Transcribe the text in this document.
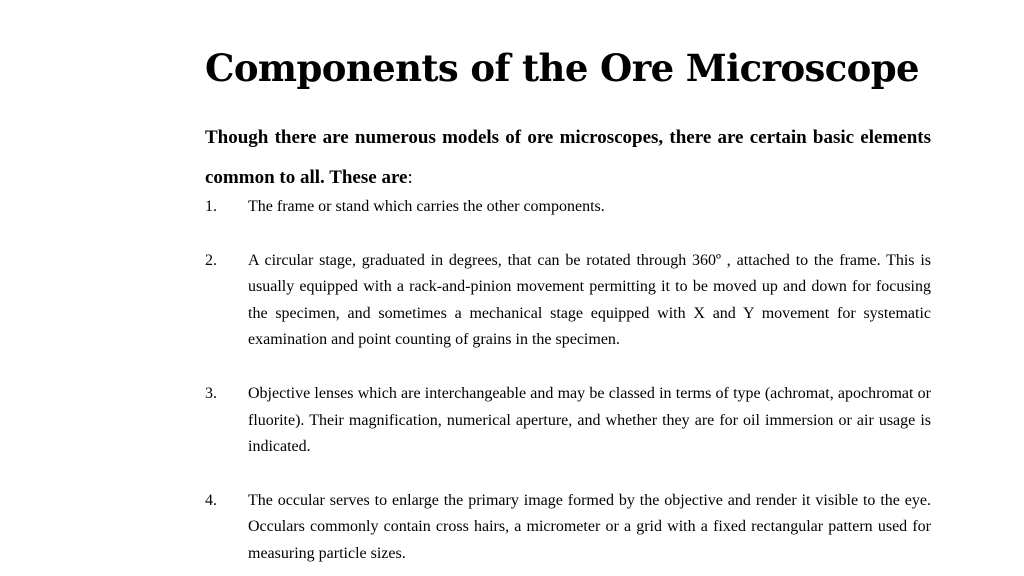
Components of the Ore Microscope

Though there are numerous models of ore microscopes, there are certain basic elements common to all. These are:

1.	The frame or stand which carries the other components.
2.	A circular stage, graduated in degrees, that can be rotated through 360º , attached to the frame. This is usually equipped with a rack-and-pinion movement permitting it to be moved up and down for focusing the specimen, and sometimes a mechanical stage equipped with X and Y movement for systematic examination and point counting of grains in the specimen.
3.	Objective lenses which are interchangeable and may be classed in terms of type (achromat, apochromat or fluorite). Their magnification, numerical aperture, and whether they are for oil immersion or air usage is indicated.
4.	The occular serves to enlarge the primary image formed by the objective and render it visible to the eye. Occulars commonly contain cross hairs, a micrometer or a grid with a fixed rectangular pattern used for measuring particle sizes.
